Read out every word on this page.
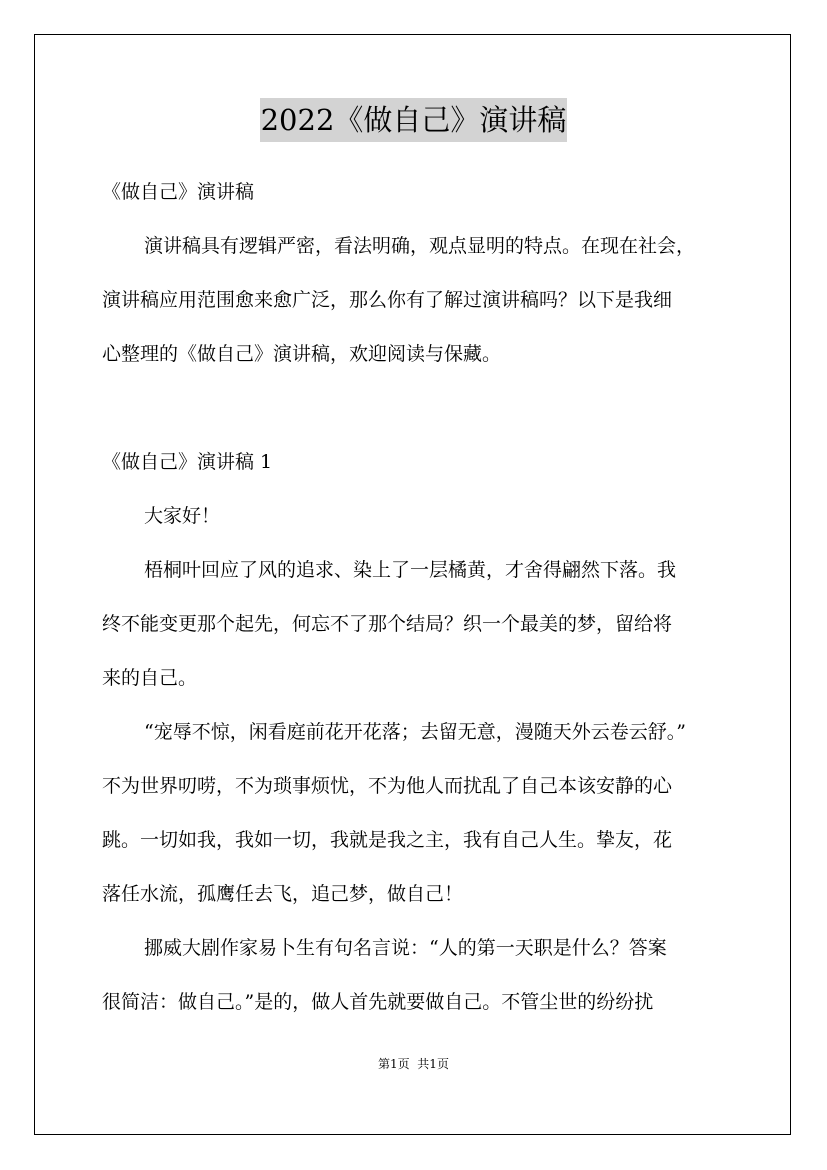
2022《做自己》演讲稿
《做自己》演讲稿
演讲稿具有逻辑严密，看法明确，观点显明的特点。在现在社会，
演讲稿应用范围愈来愈广泛，那么你有了解过演讲稿吗？以下是我细
心整理的《做自己》演讲稿，欢迎阅读与保藏。
《做自己》演讲稿 1
大家好！
梧桐叶回应了风的追求、染上了一层橘黄，才舍得翩然下落。我
终不能变更那个起先，何忘不了那个结局？织一个最美的梦，留给将
来的自己。
“宠辱不惊，闲看庭前花开花落；去留无意，漫随天外云卷云舒。”
不为世界叨唠，不为琐事烦忧，不为他人而扰乱了自己本该安静的心
跳。一切如我，我如一切，我就是我之主，我有自己人生。挚友，花
落任水流，孤鹰任去飞，追己梦，做自己！
挪威大剧作家易卜生有句名言说：“人的第一天职是什么？答案
很简洁：做自己。”是的，做人首先就要做自己。不管尘世的纷纷扰
第1页  共1页
